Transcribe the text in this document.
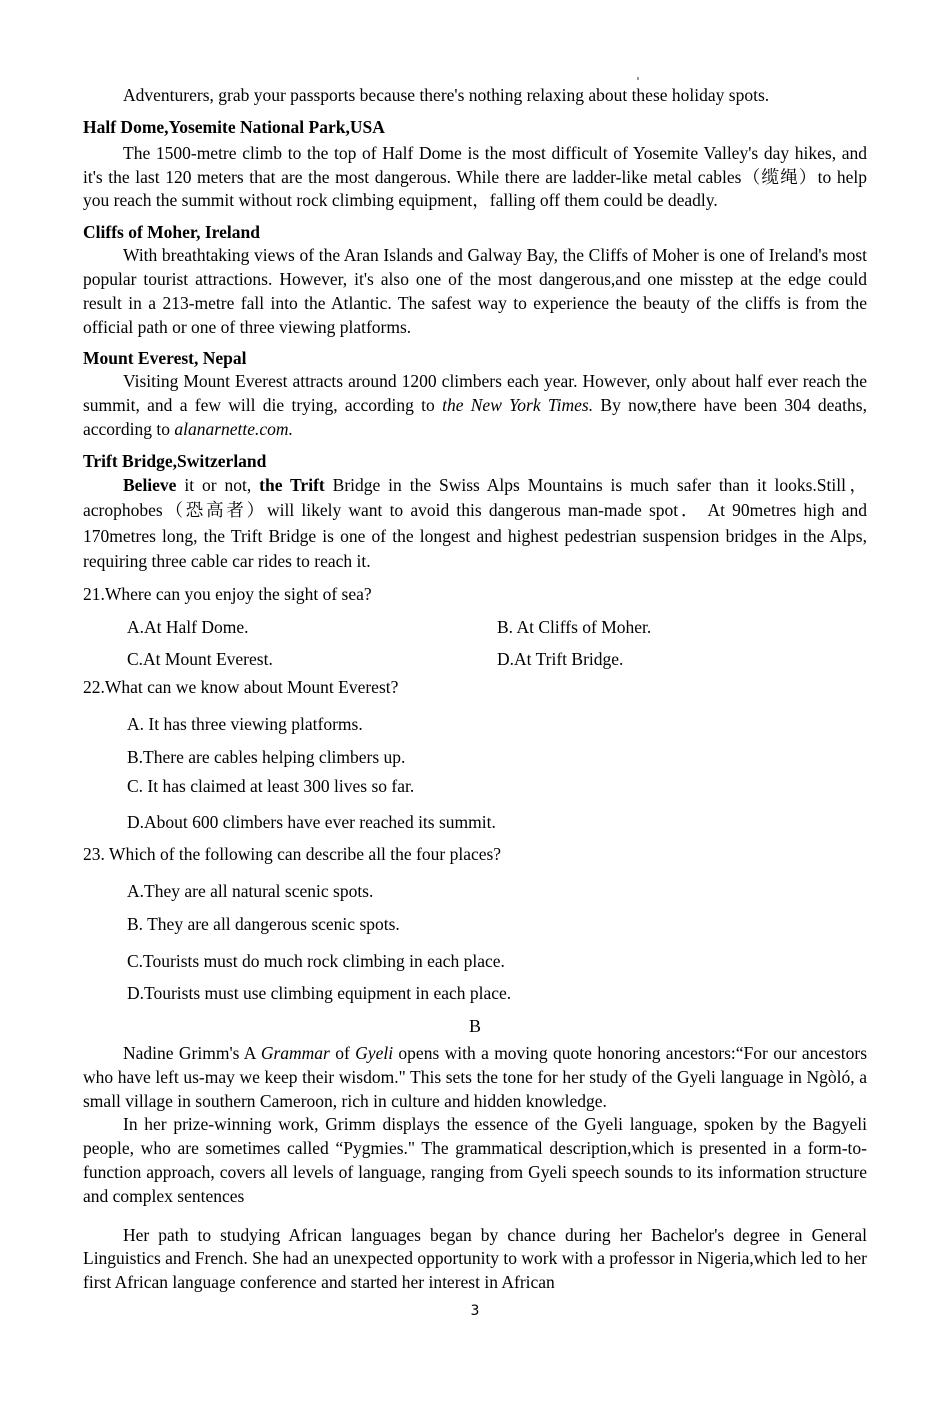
Adventurers, grab your passports because there's nothing relaxing about these holiday spots.

Half Dome,Yosemite National Park,USA

The 1500-metre climb to the top of Half Dome is the most difficult of Yosemite Valley's day hikes, and it's the last 120 meters that are the most dangerous. While there are ladder-like metal cables（缆绳）to help you reach the summit without rock climbing equipment，falling off them could be deadly.

Cliffs of Moher, Ireland

With breathtaking views of the Aran Islands and Galway Bay, the Cliffs of Moher is one of Ireland's most popular tourist attractions. However, it's also one of the most dangerous,and one misstep at the edge could result in a 213-metre fall into the Atlantic. The safest way to experience the beauty of the cliffs is from the official path or one of three viewing platforms.

Mount Everest, Nepal

Visiting Mount Everest attracts around 1200 climbers each year. However, only about half ever reach the summit, and a few will die trying, according to the New York Times. By now,there have been 304 deaths, according to alanarnette.com.

Trift Bridge,Switzerland

Believe it or not, the Trift Bridge in the Swiss Alps Mountains is much safer than it looks.Still，acrophobes（恐高者）will likely want to avoid this dangerous man-made spot． At 90metres high and 170metres long, the Trift Bridge is one of the longest and highest pedestrian suspension bridges in the Alps, requiring three cable car rides to reach it.

21.Where can you enjoy the sight of sea?

A.At Half Dome.	B. At Cliffs of Moher.
C.At Mount Everest.	D.At Trift Bridge.

22.What can we know about Mount Everest?

A. It has three viewing platforms.

B.There are cables helping climbers up.

C. It has claimed at least 300 lives so far.

D.About 600 climbers have ever reached its summit.

23. Which of the following can describe all the four places?

A.They are all natural scenic spots.

B. They are all dangerous scenic spots.

C.Tourists must do much rock climbing in each place.

D.Tourists must use climbing equipment in each place.

B

Nadine Grimm's A Grammar of Gyeli opens with a moving quote honoring ancestors:“For our ancestors who have left us-may we keep their wisdom." This sets the tone for her study of the Gyeli language in Ngòló, a small village in southern Cameroon, rich in culture and hidden knowledge.

In her prize-winning work, Grimm displays the essence of the Gyeli language, spoken by the Bagyeli people, who are sometimes called “Pygmies." The grammatical description,which is presented in a form-to-function approach, covers all levels of language, ranging from Gyeli speech sounds to its information structure and complex sentences

Her path to studying African languages began by chance during her Bachelor's degree in General Linguistics and French. She had an unexpected opportunity to work with a professor in Nigeria,which led to her first African language conference and started her interest in African

3
